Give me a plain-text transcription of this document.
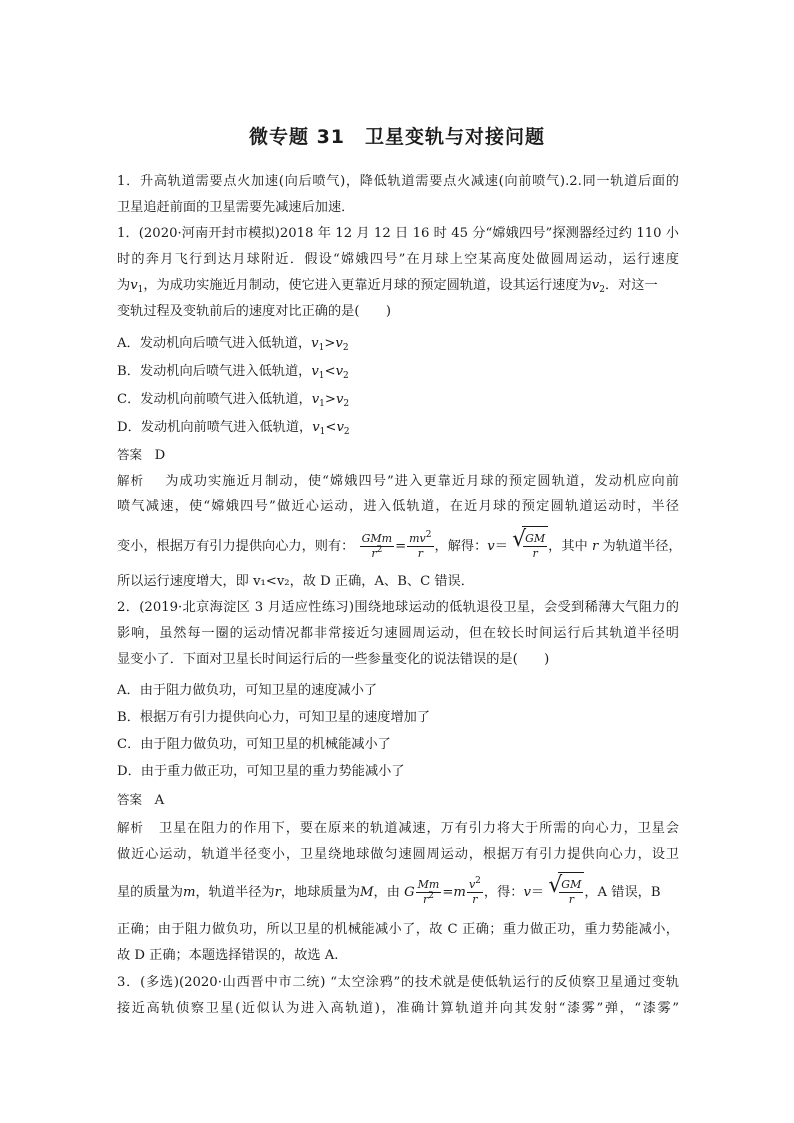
微专题 31　卫星变轨与对接问题
1．升高轨道需要点火加速(向后喷气)，降低轨道需要点火减速(向前喷气).2.同一轨道后面的
卫星追赶前面的卫星需要先减速后加速．
1．(2020·河南开封市模拟)2018 年 12 月 12 日 16 时 45 分“嫦娥四号”探测器经过约 110 小
时的奔月飞行到达月球附近．假设“嫦娥四号”在月球上空某高度处做圆周运动，运行速度
为$v_1$，为成功实施近月制动，使它进入更靠近月球的预定圆轨道，设其运行速度为$v_2$．对这一
变轨过程及变轨前后的速度对比正确的是(　　)
A．发动机向后喷气进入低轨道，$v_1>v_2$
B．发动机向后喷气进入低轨道，$v_1<v_2$
C．发动机向前喷气进入低轨道，$v_1>v_2$
D．发动机向前喷气进入低轨道，$v_1<v_2$
答案 D
解析 为成功实施近月制动，使“嫦娥四号”进入更靠近月球的预定圆轨道，发动机应向前
喷气减速，使“嫦娥四号”做近心运动，进入低轨道，在近月球的预定圆轨道运动时，半径
变小，根据万有引力提供向心力，则有： $\frac{\text{GMm}}{r^2} = \frac{mv^2}{r}$ ，解得：v＝ √
$\frac{GM}{r}$ ，其中 r 为轨道半径，
所以运行速度增大，即 v₁<v₂，故 D 正确，A、B、C 错误．
2．(2019·北京海淀区 3 月适应性练习)围绕地球运动的低轨退役卫星，会受到稀薄大气阻力的
影响，虽然每一圈的运动情况都非常接近匀速圆周运动，但在较长时间运行后其轨道半径明
显变小了．下面对卫星长时间运行后的一些参量变化的说法错误的是(　　)
A．由于阻力做负功，可知卫星的速度减小了
B．根据万有引力提供向心力，可知卫星的速度增加了
C．由于阻力做负功，可知卫星的机械能减小了
D．由于重力做正功，可知卫星的重力势能减小了
答案 A
解析 卫星在阻力的作用下，要在原来的轨道减速，万有引力将大于所需的向心力，卫星会
做近心运动，轨道半径变小，卫星绕地球做匀速圆周运动，根据万有引力提供向心力，设卫
星的质量为m，轨道半径为r，地球质量为M，由 G $\frac{Mm}{r^2} =m \frac{v^2}{r}$ ，得：v＝ √
$\frac{GM}{r}$ ，A 错误，B
正确；由于阻力做负功，所以卫星的机械能减小了，故 C 正确；重力做正功，重力势能减小，
故 D 正确；本题选择错误的，故选 A.
3．(多选)(2020·山西晋中市二统) “太空涂鸦”的技术就是使低轨运行的反侦察卫星通过变轨
接近高轨侦察卫星(近似认为进入高轨道)，准确计算轨道并向其发射“漆雾”弹，“漆雾”
